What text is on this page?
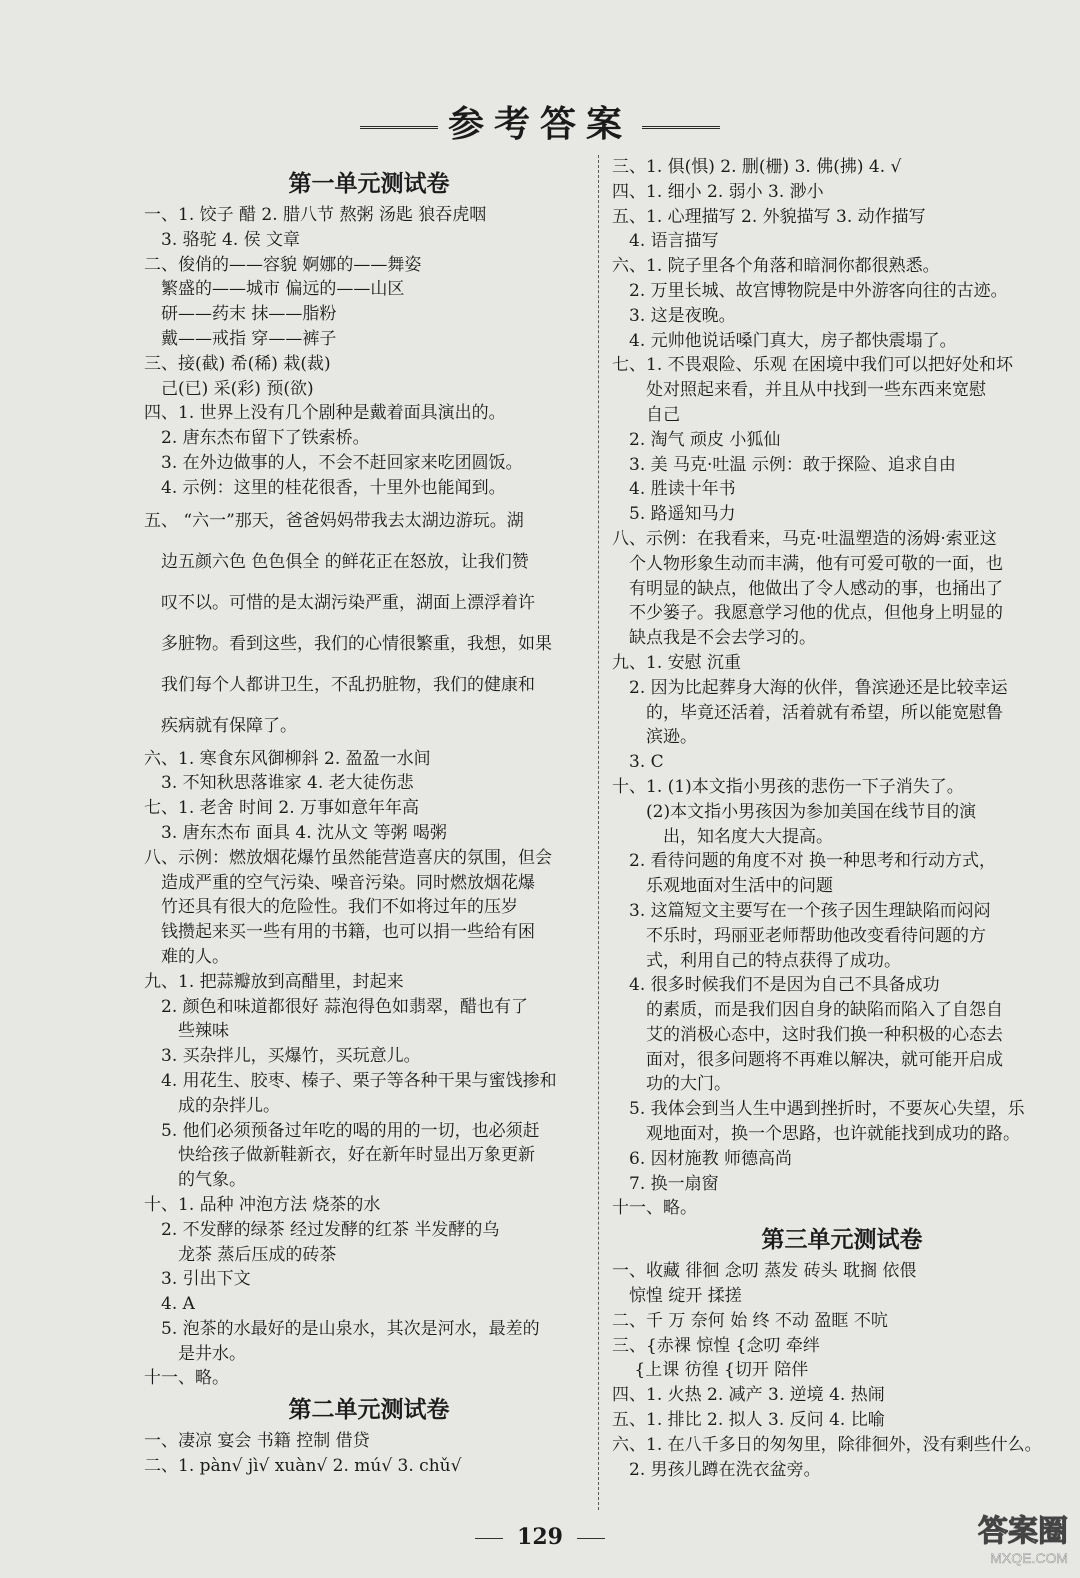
参考答案
第一单元测试卷
一、1. 饺子 醋 2. 腊八节 熬粥 汤匙 狼吞虎咽
　3. 骆驼 4. 侯 文章
二、俊俏的——容貌 婀娜的——舞姿
　繁盛的——城市 偏远的——山区
　研——药末 抹——脂粉
　戴——戒指 穿——裤子
三、接(截) 希(稀) 栽(裁)
　己(已) 采(彩) 预(欲)
四、1. 世界上没有几个剧种是戴着面具演出的。
　2. 唐东杰布留下了铁索桥。
　3. 在外边做事的人，不会不赶回家来吃团圆饭。
　4. 示例：这里的桂花很香，十里外也能闻到。
五、 “六一”那天，爸爸妈妈带我去太湖边游玩。湖
　边五颜六色 色色俱全 的鲜花正在怒放，让我们赞
　叹不以。可惜的是太湖污染严重，湖面上漂浮着许
　多脏物。看到这些，我们的心情很繁重，我想，如果
　我们每个人都讲卫生，不乱扔脏物，我们的健康和
　疾病就有保障了。
六、1. 寒食东风御柳斜 2. 盈盈一水间
　3. 不知秋思落谁家 4. 老大徒伤悲
七、1. 老舍 时间 2. 万事如意年年高
　3. 唐东杰布 面具 4. 沈从文 等粥 喝粥
八、示例：燃放烟花爆竹虽然能营造喜庆的氛围，但会
　造成严重的空气污染、噪音污染。同时燃放烟花爆
　竹还具有很大的危险性。我们不如将过年的压岁
　钱攒起来买一些有用的书籍，也可以捐一些给有困
　难的人。
九、1. 把蒜瓣放到高醋里，封起来
　2. 颜色和味道都很好 蒜泡得色如翡翠，醋也有了
　　些辣味
　3. 买杂拌儿，买爆竹，买玩意儿。
　4. 用花生、胶枣、榛子、栗子等各种干果与蜜饯掺和
　　成的杂拌儿。
　5. 他们必须预备过年吃的喝的用的一切，也必须赶
　　快给孩子做新鞋新衣，好在新年时显出万象更新
　　的气象。
十、1. 品种 冲泡方法 烧茶的水
　2. 不发酵的绿茶 经过发酵的红茶 半发酵的乌
　　龙茶 蒸后压成的砖茶
　3. 引出下文
　4. A
　5. 泡茶的水最好的是山泉水，其次是河水，最差的
　　是井水。
十一、略。
第二单元测试卷
一、凄凉 宴会 书籍 控制 借贷
二、1. pàn√ jì√ xuàn√ 2. mú√ 3. chǔ√
三、1. 俱(惧) 2. 删(栅) 3. 佛(拂) 4. √
四、1. 细小 2. 弱小 3. 渺小
五、1. 心理描写 2. 外貌描写 3. 动作描写
　4. 语言描写
六、1. 院子里各个角落和暗洞你都很熟悉。
　2. 万里长城、故宫博物院是中外游客向往的古迹。
　3. 这是夜晚。
　4. 元帅他说话嗓门真大，房子都快震塌了。
七、1. 不畏艰险、乐观 在困境中我们可以把好处和坏
　　处对照起来看，并且从中找到一些东西来宽慰
　　自己
　2. 淘气 顽皮 小狐仙
　3. 美 马克·吐温 示例：敢于探险、追求自由
　4. 胜读十年书
　5. 路遥知马力
八、示例：在我看来，马克·吐温塑造的汤姆·索亚这
　个人物形象生动而丰满，他有可爱可敬的一面，也
　有明显的缺点，他做出了令人感动的事，也捅出了
　不少篓子。我愿意学习他的优点，但他身上明显的
　缺点我是不会去学习的。
九、1. 安慰 沉重
　2. 因为比起葬身大海的伙伴，鲁滨逊还是比较幸运
　　的，毕竟还活着，活着就有希望，所以能宽慰鲁
　　滨逊。
　3. C
十、1. (1)本文指小男孩的悲伤一下子消失了。
　　(2)本文指小男孩因为参加美国在线节目的演
　　　出，知名度大大提高。
　2. 看待问题的角度不对 换一种思考和行动方式，
　　乐观地面对生活中的问题
　3. 这篇短文主要写在一个孩子因生理缺陷而闷闷
　　不乐时，玛丽亚老师帮助他改变看待问题的方
　　式，利用自己的特点获得了成功。
　4. 很多时候我们不是因为自己不具备成功
　　的素质，而是我们因自身的缺陷而陷入了自怨自
　　艾的消极心态中，这时我们换一种积极的心态去
　　面对，很多问题将不再难以解决，就可能开启成
　　功的大门。
　5. 我体会到当人生中遇到挫折时，不要灰心失望，乐
　　观地面对，换一个思路，也许就能找到成功的路。
　6. 因材施教 师德高尚
　7. 换一扇窗
十一、略。
第三单元测试卷
一、收藏 徘徊 念叨 蒸发 砖头 耽搁 依偎
　惊惶 绽开 揉搓
二、千 万 奈何 始 终 不动 盈眶 不吭
三、{赤裸 惊惶 {念叨 牵绊
　 {上课 彷徨 {切开 陪伴
四、1. 火热 2. 减产 3. 逆境 4. 热闹
五、1. 排比 2. 拟人 3. 反问 4. 比喻
六、1. 在八千多日的匆匆里，除徘徊外，没有剩些什么。
　2. 男孩儿蹲在洗衣盆旁。
129	答案圈
MXQE.COM
